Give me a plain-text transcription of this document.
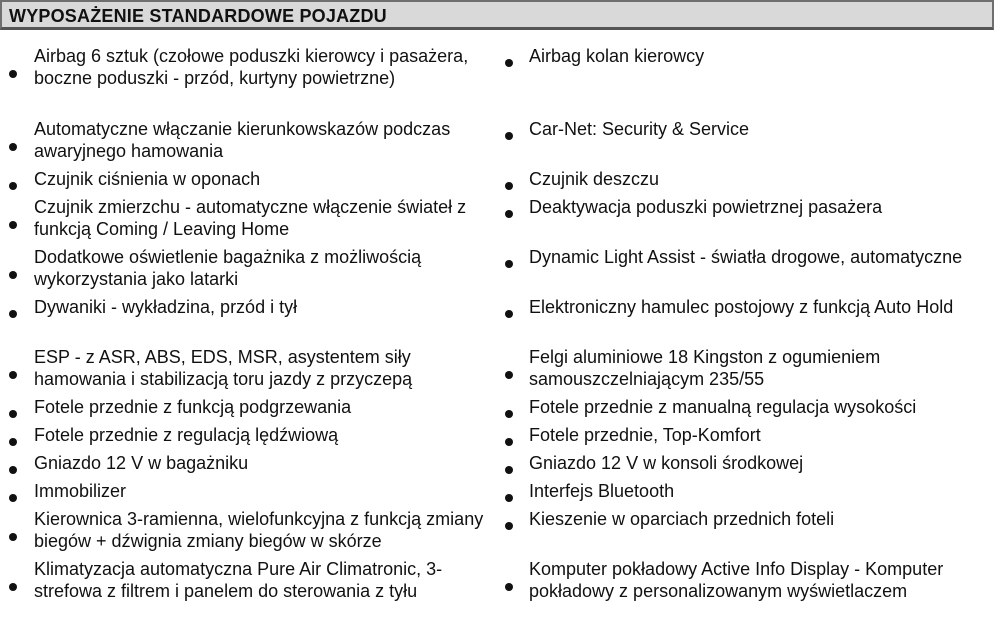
WYPOSAŻENIE STANDARDOWE POJAZDU
Airbag 6 sztuk (czołowe poduszki kierowcy i pasażera, boczne poduszki - przód, kurtyny powietrzne)
Automatyczne włączanie kierunkowskazów podczas awaryjnego hamowania
Czujnik ciśnienia w oponach
Czujnik zmierzchu - automatyczne włączenie świateł z funkcją Coming / Leaving Home
Dodatkowe oświetlenie bagażnika z możliwością wykorzystania jako latarki
Dywaniki - wykładzina, przód i tył
ESP - z ASR, ABS, EDS, MSR, asystentem siły hamowania i stabilizacją toru jazdy z przyczepą
Fotele przednie z funkcją podgrzewania
Fotele przednie z regulacją lędźwiową
Gniazdo 12 V w bagażniku
Immobilizer
Kierownica 3-ramienna, wielofunkcyjna z funkcją zmiany biegów + dźwignia zmiany biegów w skórze
Klimatyzacja automatyczna Pure Air Climatronic, 3-strefowa z filtrem i panelem do sterowania z tyłu
Airbag kolan kierowcy
Car-Net: Security & Service
Czujnik deszczu
Deaktywacja poduszki powietrznej pasażera
Dynamic Light Assist - światła drogowe, automatyczne
Elektroniczny hamulec postojowy z funkcją Auto Hold
Felgi aluminiowe 18 Kingston z ogumieniem samouszczelniającym 235/55
Fotele przednie z manualną regulacja wysokości
Fotele przednie, Top-Komfort
Gniazdo 12 V w konsoli środkowej
Interfejs Bluetooth
Kieszenie w oparciach przednich foteli
Komputer pokładowy Active Info Display - Komputer pokładowy z personalizowanym wyświetlaczem
